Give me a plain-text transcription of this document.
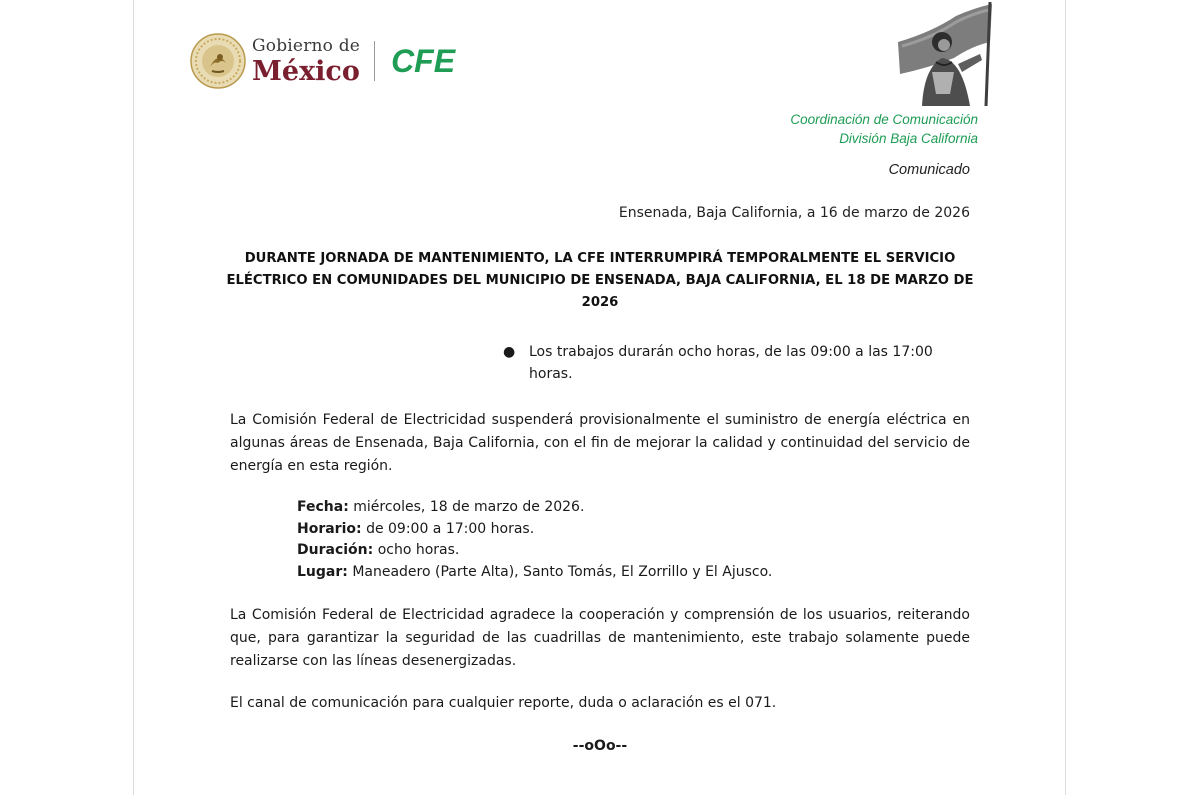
Gobierno de
México CFE
Coordinación de Comunicación
División Baja California
Comunicado
Ensenada, Baja California, a 16 de marzo de 2026
DURANTE JORNADA DE MANTENIMIENTO, LA CFE INTERRUMPIRÁ TEMPORALMENTE EL SERVICIO ELÉCTRICO EN COMUNIDADES DEL MUNICIPIO DE ENSENADA, BAJA CALIFORNIA, EL 18 DE MARZO DE 2026
● Los trabajos durarán ocho horas, de las 09:00 a las 17:00 horas.
La Comisión Federal de Electricidad suspenderá provisionalmente el suministro de energía eléctrica en algunas áreas de Ensenada, Baja California, con el fin de mejorar la calidad y continuidad del servicio de energía en esta región.
Fecha: miércoles, 18 de marzo de 2026.
Horario: de 09:00 a 17:00 horas.
Duración: ocho horas.
Lugar: Maneadero (Parte Alta), Santo Tomás, El Zorrillo y El Ajusco.
La Comisión Federal de Electricidad agradece la cooperación y comprensión de los usuarios, reiterando que, para garantizar la seguridad de las cuadrillas de mantenimiento, este trabajo solamente puede realizarse con las líneas desenergizadas.
El canal de comunicación para cualquier reporte, duda o aclaración es el 071.
--oOo--
